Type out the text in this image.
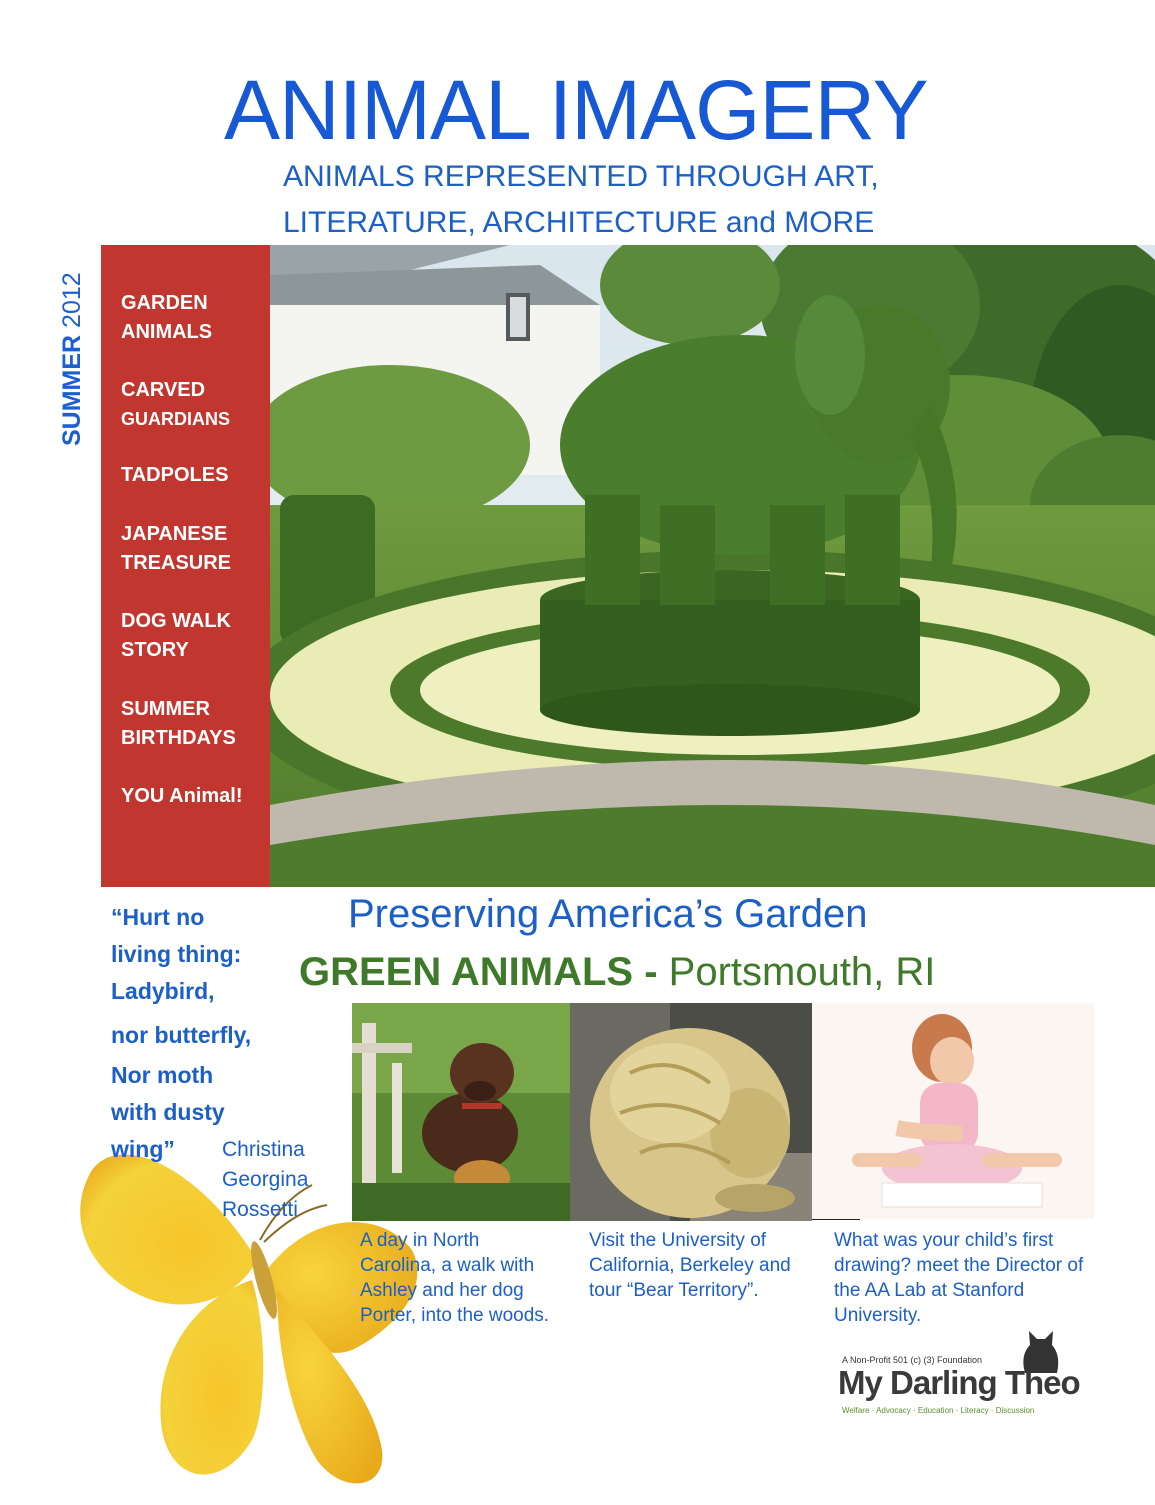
ANIMAL IMAGERY
ANIMALS REPRESENTED THROUGH ART,
LITERATURE, ARCHITECTURE and MORE
SUMMER 2012 GARDEN
ANIMALS
CARVED
GUARDIANS
TADPOLES
JAPANESE
TREASURE
DOG WALK
STORY
SUMMER
BIRTHDAYS
YOU Animal!
Preserving America’s Garden
GREEN ANIMALS - Portsmouth, RI
“Hurt no
living thing:
Ladybird,
nor butterfly,
Nor moth
with dusty
wing” Christina
Georgina
Rossetti
A day in North Carolina, a walk with Ashley and her dog Porter, into the woods.
Visit the University of California, Berkeley and tour “Bear Territory”.
What was your child’s first drawing? meet the Director of the AA Lab at Stanford University.
A Non-Profit 501 (c) (3) Foundation
My Darling Theo
Welfare · Advocacy · Education · Literacy · Discussion
